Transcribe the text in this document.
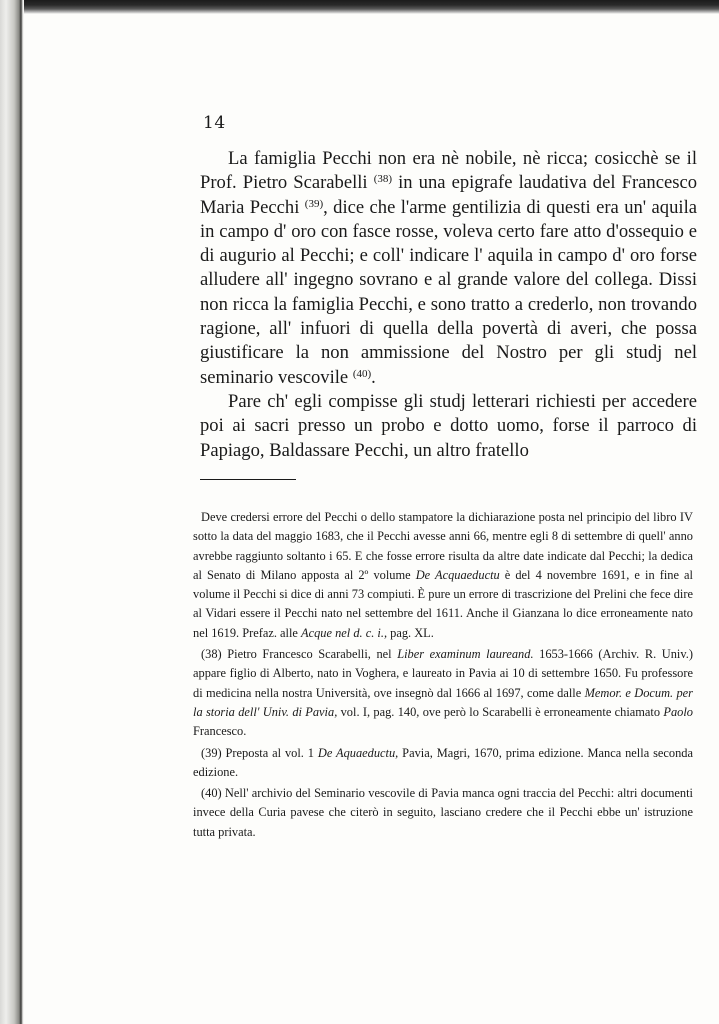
14

La famiglia Pecchi non era nè nobile, nè ricca; cosicchè se il Prof. Pietro Scarabelli $^{(38)}$ in una epigrafe laudativa del Francesco Maria Pecchi $^{(39)}$, dice che l'arme gentilizia di questi era un' aquila in campo d' oro con fasce rosse, voleva certo fare atto d'ossequio e di augurio al Pecchi; e coll' indicare l' aquila in campo d' oro forse alludere all' ingegno sovrano e al grande valore del collega. Dissi non ricca la famiglia Pecchi, e sono tratto a crederlo, non trovando ragione, all' infuori di quella della povertà di averi, che possa giustificare la non ammissione del Nostro per gli studj nel seminario vescovile $^{(40)}$.

Pare ch' egli compisse gli studj letterari richiesti per accedere poi ai sacri presso un probo e dotto uomo, forse il parroco di Papiago, Baldassare Pecchi, un altro fratello

Deve credersi errore del Pecchi o dello stampatore la dichiarazione posta nel principio del libro IV sotto la data del maggio 1683, che il Pecchi avesse anni 66, mentre egli 8 di settembre di quell' anno avrebbe raggiunto soltanto i 65. E che fosse errore risulta da altre date indicate dal Pecchi; la dedica al Senato di Milano apposta al 2º volume De Acquaeductu è del 4 novembre 1691, e in fine al volume il Pecchi si dice di anni 73 compiuti. È pure un errore di trascrizione del Prelini che fece dire al Vidari essere il Pecchi nato nel settembre del 1611. Anche il Gianzana lo dice erroneamente nato nel 1619. Prefaz. alle Acque nel d. c. i., pag. XL.

(38) Pietro Francesco Scarabelli, nel Liber examinum laureand. 1653-1666 (Archiv. R. Univ.) appare figlio di Alberto, nato in Voghera, e laureato in Pavia ai 10 di settembre 1650. Fu professore di medicina nella nostra Università, ove insegnò dal 1666 al 1697, come dalle Memor. e Docum. per la storia dell' Univ. di Pavia, vol. I, pag. 140, ove però lo Scarabelli è erroneamente chiamato Paolo Francesco.

(39) Preposta al vol. 1 De Aquaeductu, Pavia, Magri, 1670, prima edizione. Manca nella seconda edizione.

(40) Nell' archivio del Seminario vescovile di Pavia manca ogni traccia del Pecchi: altri documenti invece della Curia pavese che citerò in seguito, lasciano credere che il Pecchi ebbe un' istruzione tutta privata.
